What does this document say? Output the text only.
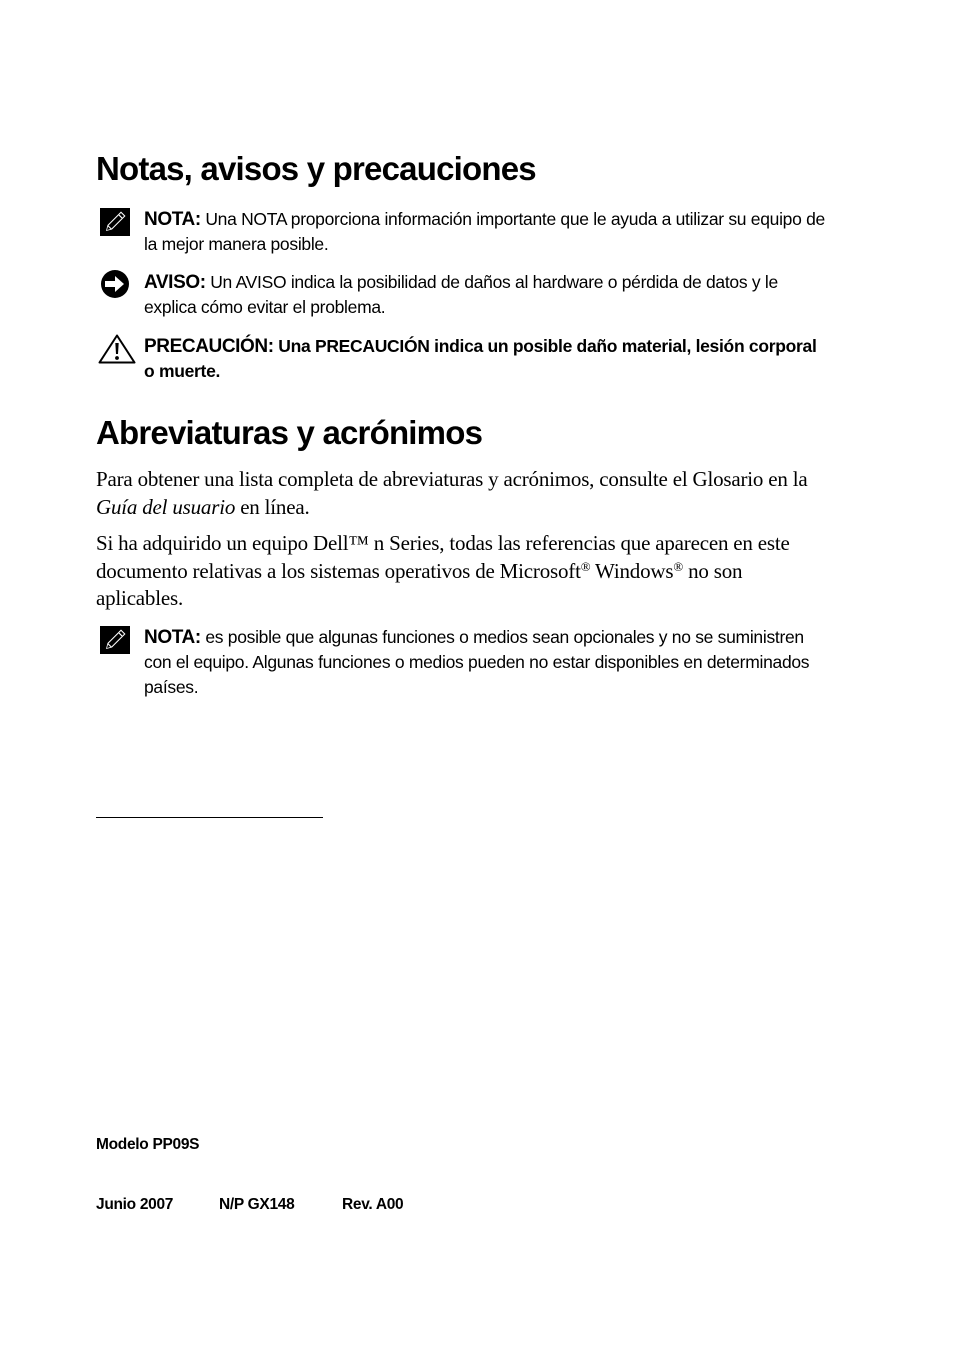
Notas, avisos y precauciones
NOTA: Una NOTA proporciona información importante que le ayuda a utilizar su equipo de la mejor manera posible.
AVISO: Un AVISO indica la posibilidad de daños al hardware o pérdida de datos y le explica cómo evitar el problema.
PRECAUCIÓN: Una PRECAUCIÓN indica un posible daño material, lesión corporal o muerte.
Abreviaturas y acrónimos

Para obtener una lista completa de abreviaturas y acrónimos, consulte el Glosario en la Guía del usuario en línea.

Si ha adquirido un equipo Dell™ n Series, todas las referencias que aparecen en este documento relativas a los sistemas operativos de Microsoft® Windows® no son aplicables.

NOTA: es posible que algunas funciones o medios sean opcionales y no se suministren con el equipo. Algunas funciones o medios pueden no estar disponibles en determinados países.
Modelo PP09S
Junio 2007	N/P GX148	Rev. A00
